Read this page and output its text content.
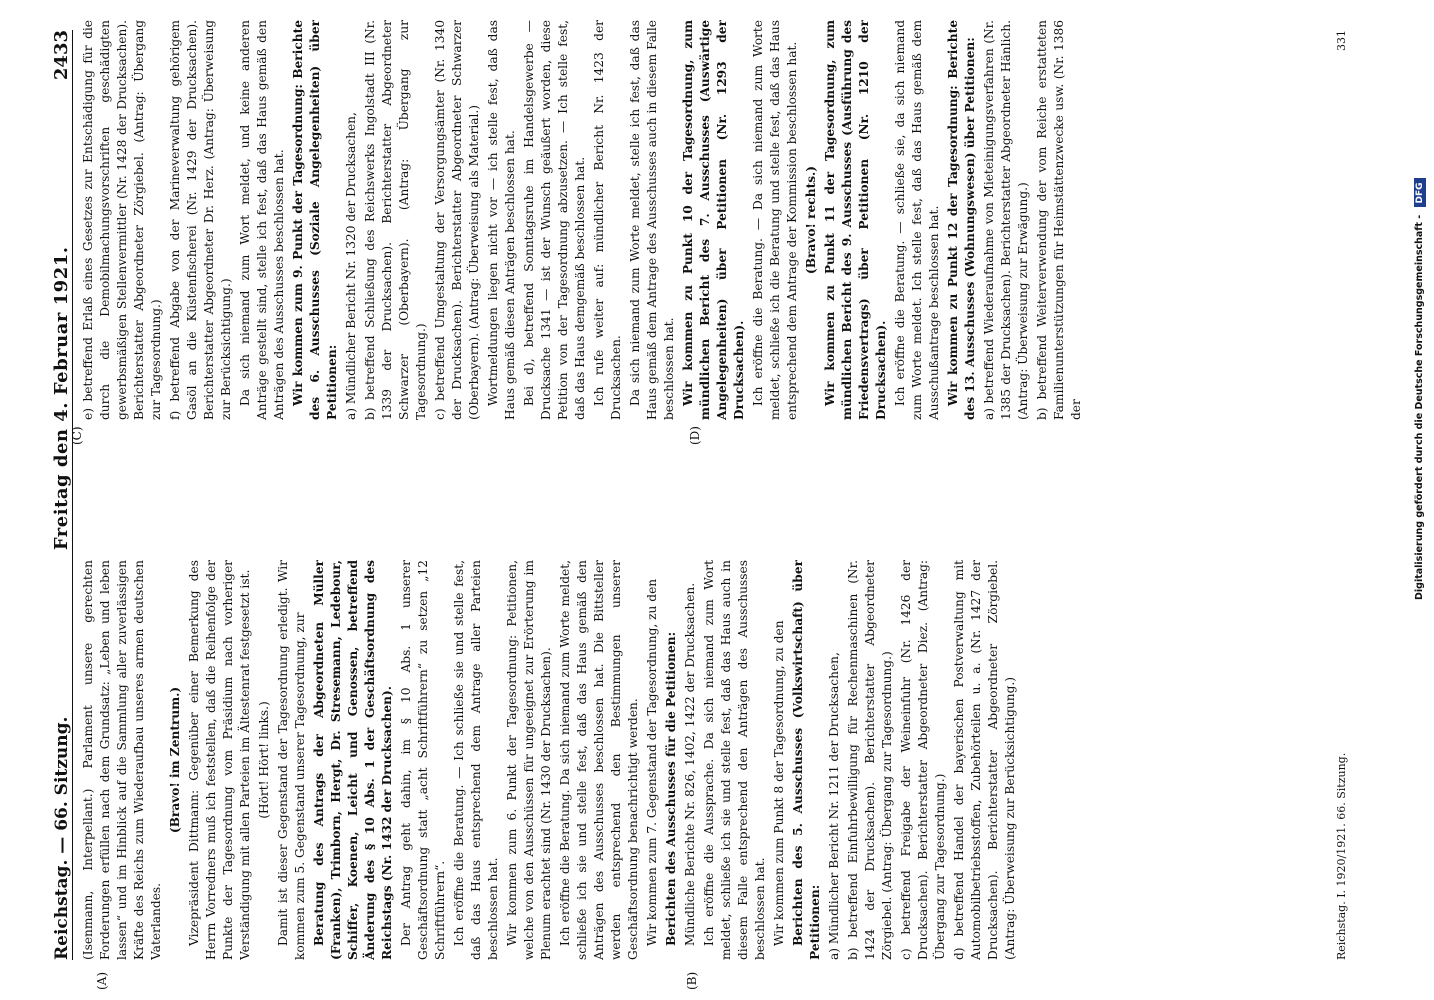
Reichstag. — 66. Sitzung.
Freitag den 4. Februar 1921.
2433
(A)	(B)
(C)	(D)

(Isenmann, Interpellant.) Parlament unsere gerechten Forderungen erfüllen nach dem Grundsatz: „Leben und leben lassen“ und im Hinblick auf die Sammlung aller zuverlässigen Kräfte des Reichs zum Wiederaufbau unseres armen deutschen Vaterlandes.

(Bravo! im Zentrum.) Vizepräsident Dittmann: Gegenüber einer Bemerkung des Herrn Vorredners muß ich feststellen, daß die Reihenfolge der Punkte der Tagesordnung vom Präsidium nach vorheriger Verständigung mit allen Parteien im Ältestenrat festgesetzt ist. (Hört! Hört! links.) Damit ist dieser Gegenstand der Tagesordnung erledigt. Wir kommen zum 5. Gegenstand unserer Tagesordnung, zur Beratung des Antrags der Abgeordneten Müller (Franken), Trimborn, Hergt, Dr. Stresemann, Ledebour, Schiffer, Koenen, Leicht und Genossen, betreffend Änderung des § 10 Abs. 1 der Geschäftsordnung des Reichstags (Nr. 1432 der Drucksachen). Der Antrag geht dahin, im § 10 Abs. 1 unserer Geschäftsordnung statt „acht Schriftführern“ zu setzen „12 Schriftführern“. Ich eröffne die Beratung. — Ich schließe sie und stelle fest, daß das Haus entsprechend dem Antrage aller Parteien beschlossen hat. Wir kommen zum 6. Punkt der Tagesordnung: Petitionen, welche von den Ausschüssen für ungeeignet zur Erörterung im Plenum erachtet sind (Nr. 1430 der Drucksachen). Ich eröffne die Beratung. Da sich niemand zum Worte meldet, schließe ich sie und stelle fest, daß das Haus gemäß den Anträgen des Ausschusses beschlossen hat. Die Bittsteller werden entsprechend den Bestimmungen unserer Geschäftsordnung benachrichtigt werden. Wir kommen zum 7. Gegenstand der Tagesordnung, zu den Berichten des Ausschusses für die Petitionen: Mündliche Berichte Nr. 826, 1402, 1422 der Drucksachen. Ich eröffne die Aussprache. Da sich niemand zum Wort meldet, schließe ich sie und stelle fest, daß das Haus auch in diesem Falle entsprechend den Anträgen des Ausschusses beschlossen hat. Wir kommen zum Punkt 8 der Tagesordnung, zu den Berichten des 5. Ausschusses (Volkswirtschaft) über Petitionen: a) Mündlicher Bericht Nr. 1211 der Drucksachen, b) betreffend Einfuhrbewilligung für Rechenmaschinen (Nr. 1424 der Drucksachen). Berichterstatter Abgeordneter Zörgiebel. (Antrag: Übergang zur Tagesordnung.) c) betreffend Freigabe der Weineinfuhr (Nr. 1426 der Drucksachen). Berichterstatter Abgeordneter Diez. (Antrag: Übergang zur Tagesordnung.) d) betreffend Handel der bayerischen Postverwaltung mit Automobilbetriebsstoffen, Zubehörteilen u. a. (Nr. 1427 der Drucksachen). Berichterstatter Abgeordneter Zörgiebel. (Antrag: Überweisung zur Berücksichtigung.)

e) betreffend Erlaß eines Gesetzes zur Entschädigung für die durch die Demobilmachungsvorschriften geschädigten gewerbsmäßigen Stellenvermittler (Nr. 1428 der Drucksachen). Berichterstatter Abgeordneter Zörgiebel. (Antrag: Übergang zur Tagesordnung.) f) betreffend Abgabe von der Marineverwaltung gehörigem Gasöl an die Küstenfischerei (Nr. 1429 der Drucksachen). Berichterstatter Abgeordneter Dr. Herz. (Antrag: Überweisung zur Berücksichtigung.) Da sich niemand zum Wort meldet, und keine anderen Anträge gestellt sind, stelle ich fest, daß das Haus gemäß den Anträgen des Ausschusses beschlossen hat. Wir kommen zum 9. Punkt der Tagesordnung: Berichte des 6. Ausschusses (Soziale Angelegenheiten) über Petitionen: a) Mündlicher Bericht Nr. 1320 der Drucksachen, b) betreffend Schließung des Reichswerks Ingolstadt III (Nr. 1339 der Drucksachen). Berichterstatter Abgeordneter Schwarzer (Oberbayern). (Antrag: Übergang zur Tagesordnung.) c) betreffend Umgestaltung der Versorgungsämter (Nr. 1340 der Drucksachen). Berichterstatter Abgeordneter Schwarzer (Oberbayern). (Antrag: Überweisung als Material.) Wortmeldungen liegen nicht vor — ich stelle fest, daß das Haus gemäß diesen Anträgen beschlossen hat. Bei d), betreffend Sonntagsruhe im Handelsgewerbe — Drucksache 1341 — ist der Wunsch geäußert worden, diese Petition von der Tagesordnung abzusetzen. — Ich stelle fest, daß das Haus demgemäß beschlossen hat. Ich rufe weiter auf: mündlicher Bericht Nr. 1423 der Drucksachen. Da sich niemand zum Worte meldet, stelle ich fest, daß das Haus gemäß dem Antrage des Ausschusses auch in diesem Falle beschlossen hat. Wir kommen zu Punkt 10 der Tagesordnung, zum mündlichen Bericht des 7. Ausschusses (Auswärtige Angelegenheiten) über Petitionen (Nr. 1293 der Drucksachen). Ich eröffne die Beratung. — Da sich niemand zum Worte meldet, schließe ich die Beratung und stelle fest, daß das Haus entsprechend dem Antrage der Kommission beschlossen hat. (Bravo! rechts.) Wir kommen zu Punkt 11 der Tagesordnung, zum mündlichen Bericht des 9. Ausschusses (Ausführung des Friedensvertrags) über Petitionen (Nr. 1210 der Drucksachen). Ich eröffne die Beratung. — schließe sie, da sich niemand zum Worte meldet. Ich stelle fest, daß das Haus gemäß dem Ausschußantrage beschlossen hat. Wir kommen zu Punkt 12 der Tagesordnung: Berichte des 13. Ausschusses (Wohnungswesen) über Petitionen: a) betreffend Wiederaufnahme von Mieteinigungsverfahren (Nr. 1385 der Drucksachen). Berichterstatter Abgeordneter Hänlich. (Antrag: Überweisung zur Erwägung.) b) betreffend Weiterverwendung der vom Reiche erstatteten Familienunterstützungen für Heimstättenzwecke usw. (Nr. 1386 der

Reichstag. I. 1920/1921. 66. Sitzung.
331
Digitalisierung gefördert durch die Deutsche Forschungsgemeinschaft - DFG
